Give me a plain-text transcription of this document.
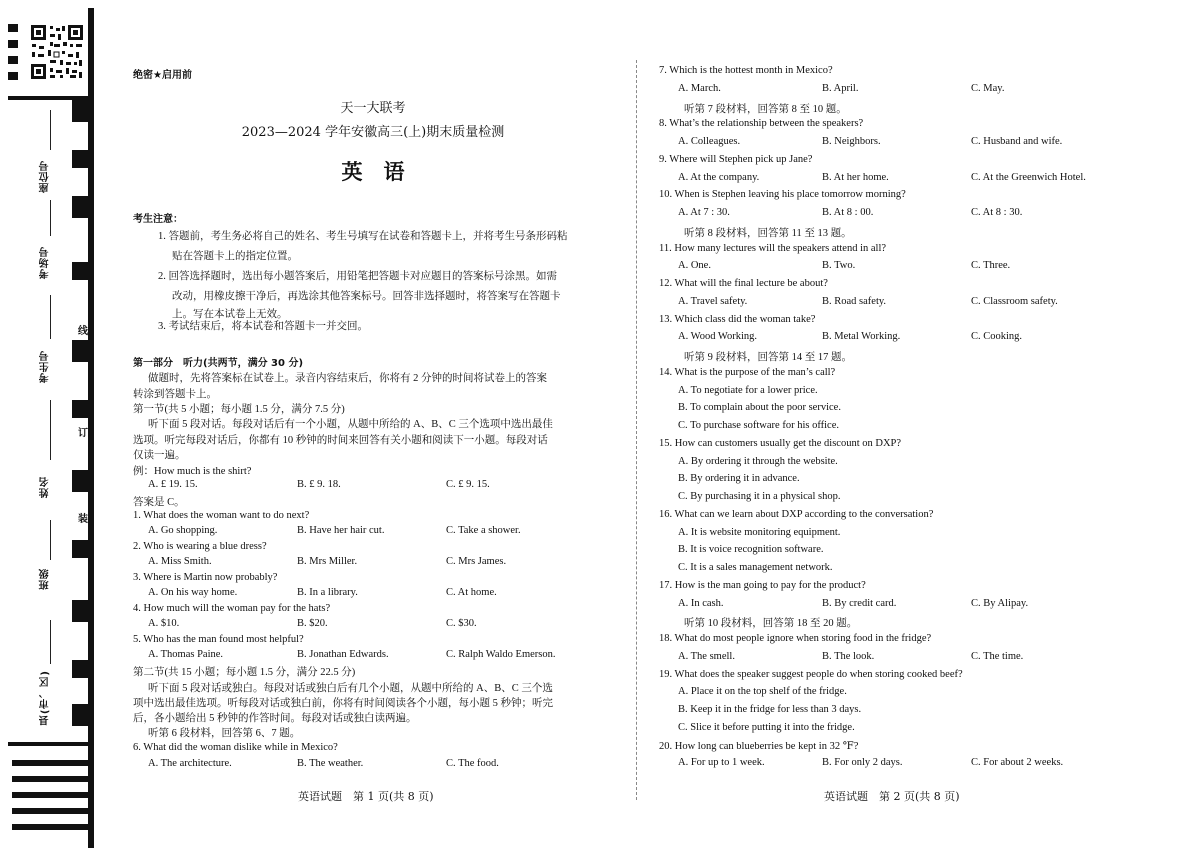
座位号
考场号
考生号
姓名
班级
县(市、区)
线
订
装
绝密★启用前
天一大联考
2023—2024 学年安徽高三(上)期末质量检测
英　语
考生注意：
1. 答题前，考生务必将自己的姓名、考生号填写在试卷和答题卡上，并将考生号条形码粘
贴在答题卡上的指定位置。
2. 回答选择题时，选出每小题答案后，用铅笔把答题卡对应题目的答案标号涂黑。如需
改动，用橡皮擦干净后，再选涂其他答案标号。回答非选择题时，将答案写在答题卡
上。写在本试卷上无效。
3. 考试结束后，将本试卷和答题卡一并交回。
第一部分　听力(共两节，满分 30 分)
做题时，先将答案标在试卷上。录音内容结束后，你将有 2 分钟的时间将试卷上的答案
转涂到答题卡上。
第一节(共 5 小题；每小题 1.5 分，满分 7.5 分)
听下面 5 段对话。每段对话后有一个小题，从题中所给的 A、B、C 三个选项中选出最佳
选项。听完每段对话后，你都有 10 秒钟的时间来回答有关小题和阅读下一小题。每段对话
仅读一遍。
例：How much is the shirt?
A. £ 19. 15.	B. £ 9. 18.	C. £ 9. 15.
答案是 C。
1. What does the woman want to do next?
A. Go shopping.	B. Have her hair cut.	C. Take a shower.
2. Who is wearing a blue dress?
A. Miss Smith.	B. Mrs Miller.	C. Mrs James.
3. Where is Martin now probably?
A. On his way home.	B. In a library.	C. At home.
4. How much will the woman pay for the hats?
A. $10.	B. $20.	C. $30.
5. Who has the man found most helpful?
A. Thomas Paine.	B. Jonathan Edwards.	C. Ralph Waldo Emerson.
第二节(共 15 小题；每小题 1.5 分，满分 22.5 分)
听下面 5 段对话或独白。每段对话或独白后有几个小题，从题中所给的 A、B、C 三个选
项中选出最佳选项。听每段对话或独白前，你将有时间阅读各个小题，每小题 5 秒钟；听完
后，各小题给出 5 秒钟的作答时间。每段对话或独白读两遍。
听第 6 段材料，回答第 6、7 题。
6. What did the woman dislike while in Mexico?
A. The architecture.	B. The weather.	C. The food.
英语试题　第 1 页(共 8 页)
7. Which is the hottest month in Mexico?
A. March.	B. April.	C. May.
听第 7 段材料，回答第 8 至 10 题。
8. What’s the relationship between the speakers?
A. Colleagues.	B. Neighbors.	C. Husband and wife.
9. Where will Stephen pick up Jane?
A. At the company.	B. At her home.	C. At the Greenwich Hotel.
10. When is Stephen leaving his place tomorrow morning?
A. At 7 : 30.	B. At 8 : 00.	C. At 8 : 30.
听第 8 段材料，回答第 11 至 13 题。
11. How many lectures will the speakers attend in all?
A. One.	B. Two.	C. Three.
12. What will the final lecture be about?
A. Travel safety.	B. Road safety.	C. Classroom safety.
13. Which class did the woman take?
A. Wood Working.	B. Metal Working.	C. Cooking.
听第 9 段材料，回答第 14 至 17 题。
14. What is the purpose of the man’s call?
A. To negotiate for a lower price.
B. To complain about the poor service.
C. To purchase software for his office.
15. How can customers usually get the discount on DXP?
A. By ordering it through the website.
B. By ordering it in advance.
C. By purchasing it in a physical shop.
16. What can we learn about DXP according to the conversation?
A. It is website monitoring equipment.
B. It is voice recognition software.
C. It is a sales management network.
17. How is the man going to pay for the product?
A. In cash.	B. By credit card.	C. By Alipay.
听第 10 段材料，回答第 18 至 20 题。
18. What do most people ignore when storing food in the fridge?
A. The smell.	B. The look.	C. The time.
19. What does the speaker suggest people do when storing cooked beef?
A. Place it on the top shelf of the fridge.
B. Keep it in the fridge for less than 3 days.
C. Slice it before putting it into the fridge.
20. How long can blueberries be kept in 32 ℉?
A. For up to 1 week.	B. For only 2 days.	C. For about 2 weeks.
英语试题　第 2 页(共 8 页)
